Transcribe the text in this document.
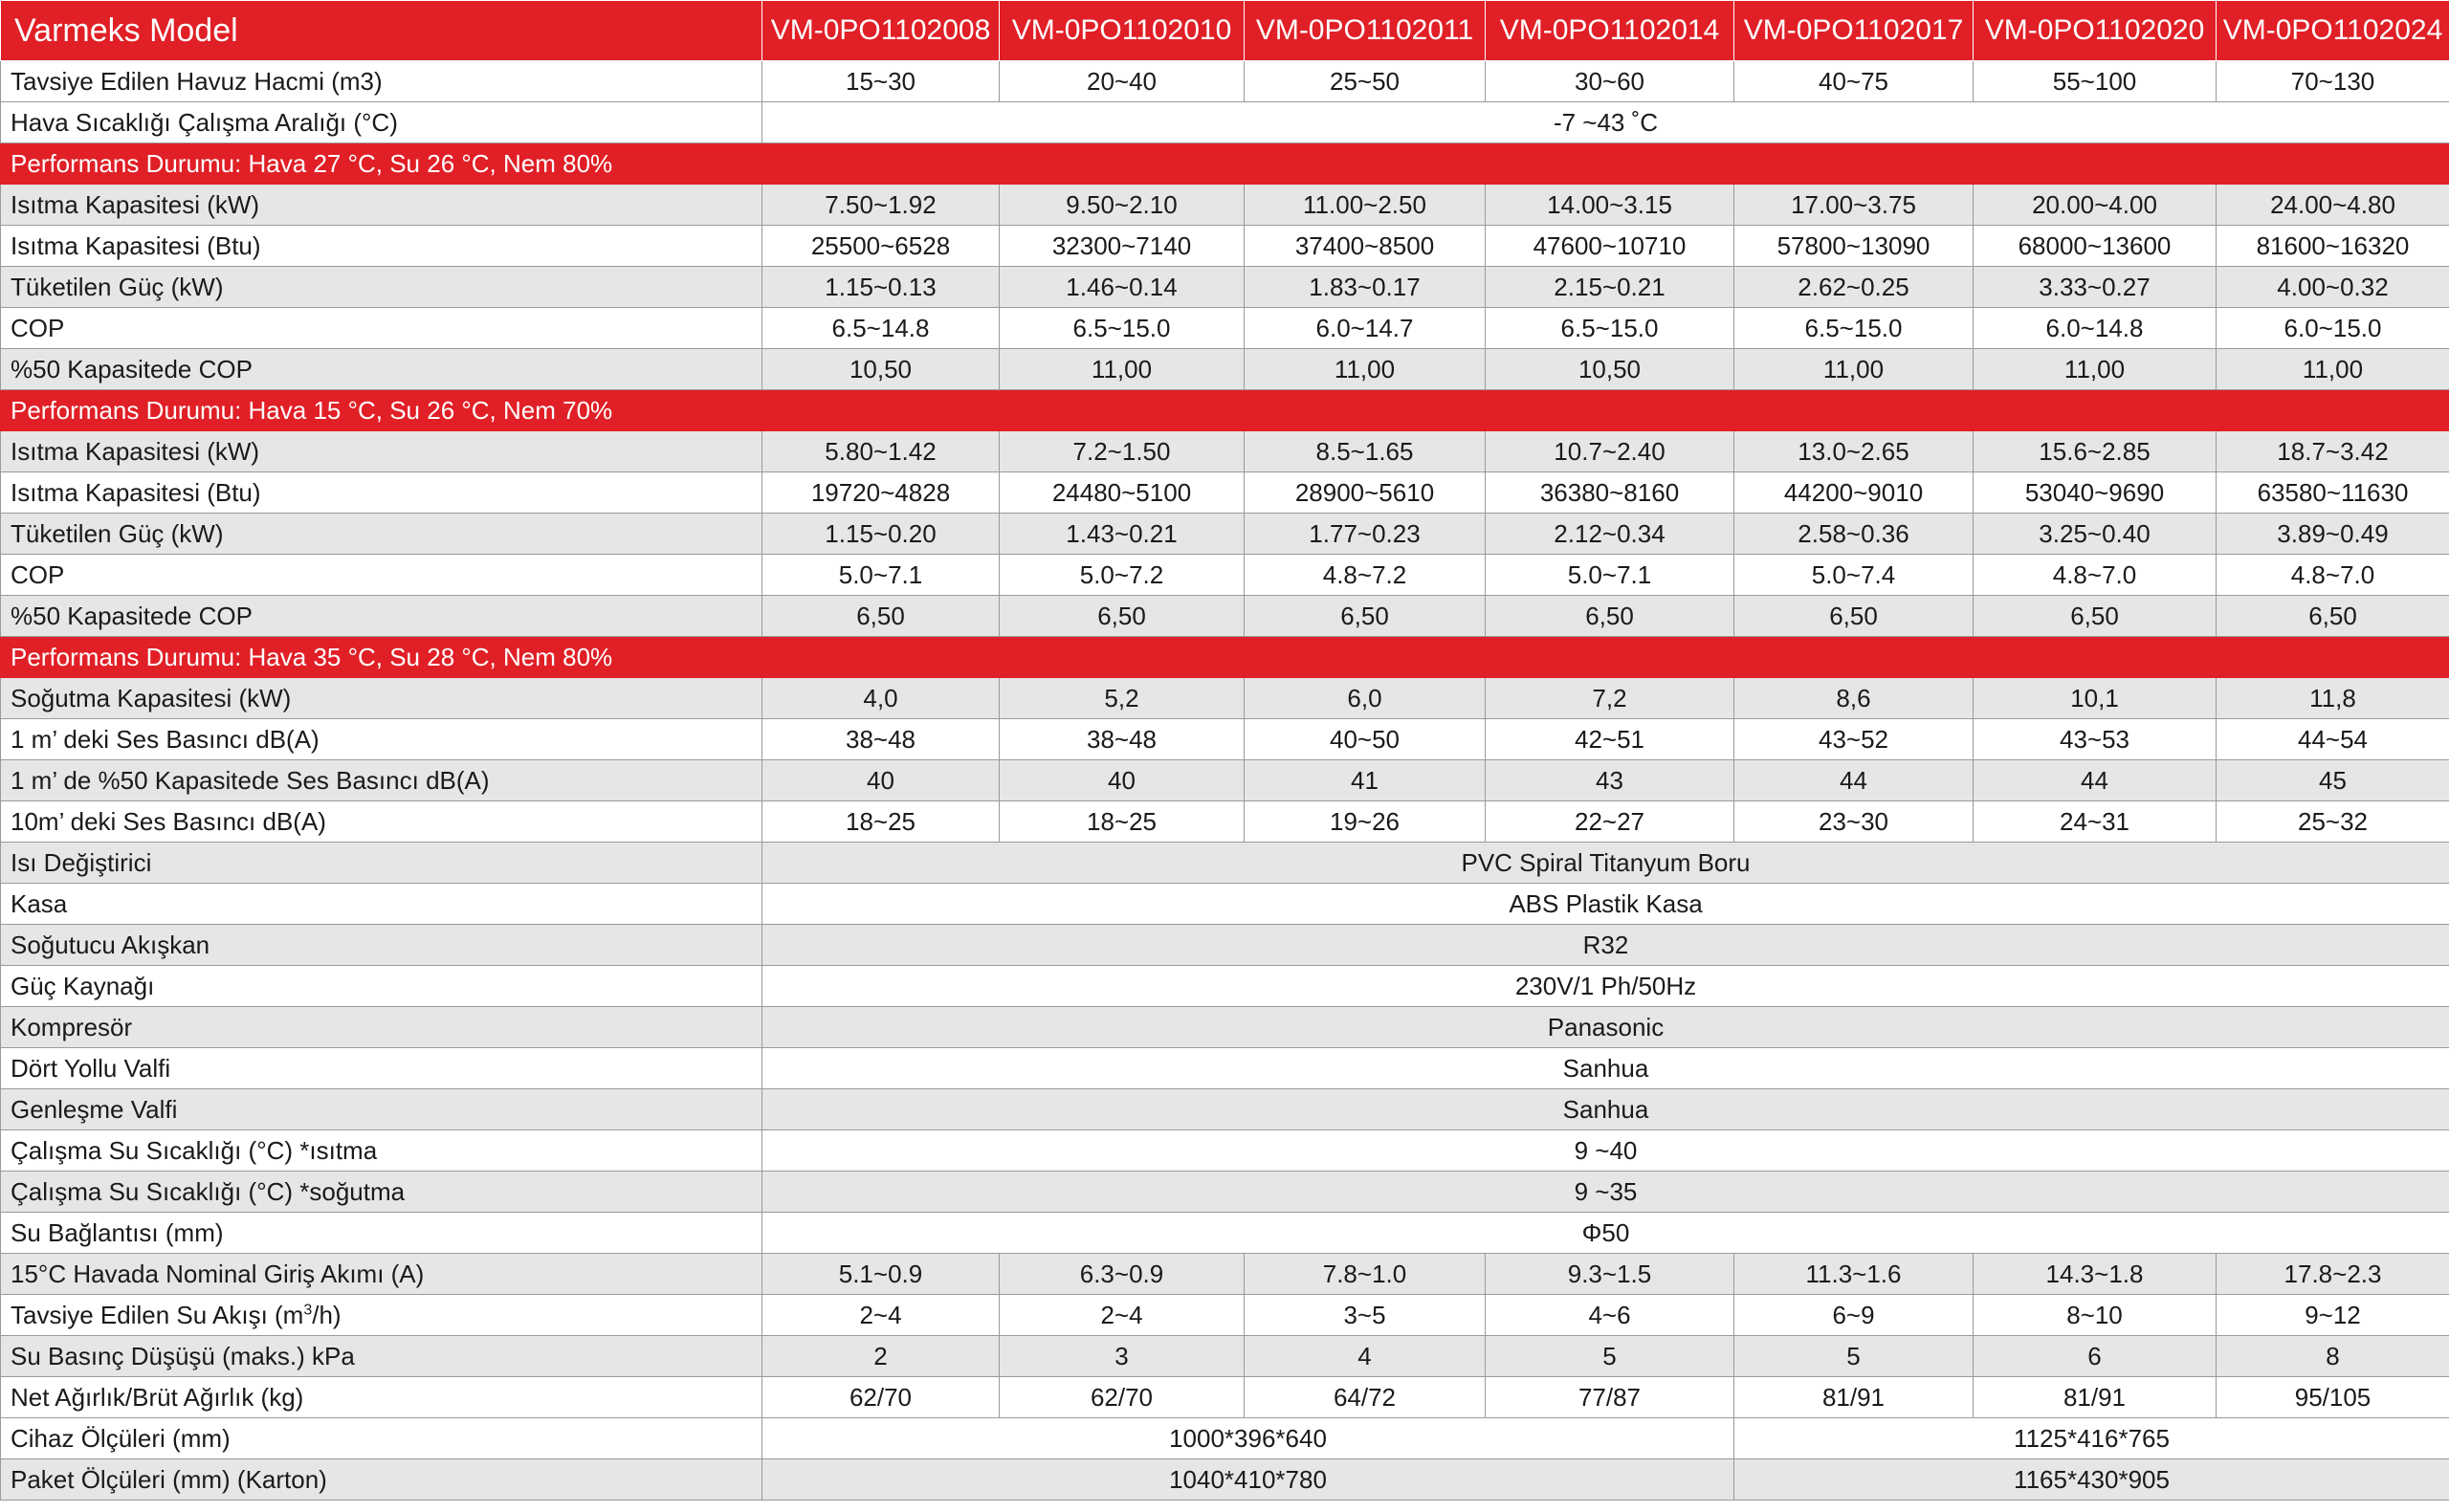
Varmeks Model	VM-0PO1102008	VM-0PO1102010	VM-0PO1102011	VM-0PO1102014	VM-0PO1102017	VM-0PO1102020	VM-0PO1102024
Tavsiye Edilen Havuz Hacmi (m3)	15~30	20~40	25~50	30~60	40~75	55~100	70~130
Hava Sıcaklığı Çalışma Aralığı (°C)	-7 ~43 ˚C						
Performans Durumu: Hava 27 °C, Su 26 °C, Nem 80%							
Isıtma Kapasitesi (kW)	7.50~1.92	9.50~2.10	11.00~2.50	14.00~3.15	17.00~3.75	20.00~4.00	24.00~4.80
Isıtma Kapasitesi (Btu)	25500~6528	32300~7140	37400~8500	47600~10710	57800~13090	68000~13600	81600~16320
Tüketilen Güç (kW)	1.15~0.13	1.46~0.14	1.83~0.17	2.15~0.21	2.62~0.25	3.33~0.27	4.00~0.32
COP	6.5~14.8	6.5~15.0	6.0~14.7	6.5~15.0	6.5~15.0	6.0~14.8	6.0~15.0
%50 Kapasitede COP	10,50	11,00	11,00	10,50	11,00	11,00	11,00
Performans Durumu: Hava 15 °C, Su 26 °C, Nem 70%							
Isıtma Kapasitesi (kW)	5.80~1.42	7.2~1.50	8.5~1.65	10.7~2.40	13.0~2.65	15.6~2.85	18.7~3.42
Isıtma Kapasitesi (Btu)	19720~4828	24480~5100	28900~5610	36380~8160	44200~9010	53040~9690	63580~11630
Tüketilen Güç (kW)	1.15~0.20	1.43~0.21	1.77~0.23	2.12~0.34	2.58~0.36	3.25~0.40	3.89~0.49
COP	5.0~7.1	5.0~7.2	4.8~7.2	5.0~7.1	5.0~7.4	4.8~7.0	4.8~7.0
%50 Kapasitede COP	6,50	6,50	6,50	6,50	6,50	6,50	6,50
Performans Durumu: Hava 35 °C, Su 28 °C, Nem 80%							
Soğutma Kapasitesi (kW)	4,0	5,2	6,0	7,2	8,6	10,1	11,8
1 m’ deki Ses Basıncı dB(A)	38~48	38~48	40~50	42~51	43~52	43~53	44~54
1 m’ de %50 Kapasitede Ses Basıncı dB(A)	40	40	41	43	44	44	45
10m’ deki Ses Basıncı dB(A)	18~25	18~25	19~26	22~27	23~30	24~31	25~32
Isı Değiştirici	PVC Spiral Titanyum Boru						
Kasa	ABS Plastik Kasa						
Soğutucu Akışkan	R32						
Güç Kaynağı	230V/1 Ph/50Hz						
Kompresör	Panasonic						
Dört Yollu Valfi	Sanhua						
Genleşme Valfi	Sanhua						
Çalışma Su Sıcaklığı (°C) *ısıtma	9 ~40						
Çalışma Su Sıcaklığı (°C) *soğutma	9 ~35						
Su Bağlantısı (mm)	Φ50						
15°C Havada Nominal Giriş Akımı (A)	5.1~0.9	6.3~0.9	7.8~1.0	9.3~1.5	11.3~1.6	14.3~1.8	17.8~2.3
Tavsiye Edilen Su Akışı $(m^3/h)$	2~4	2~4	3~5	4~6	6~9	8~10	9~12
Su Basınç Düşüşü (maks.) kPa	2	3	4	5	5	6	8
Net Ağırlık/Brüt Ağırlık (kg)	62/70	62/70	64/72	77/87	81/91	81/91	95/105
Cihaz Ölçüleri (mm)	1000*396*640				1125*416*765		
Paket Ölçüleri (mm) (Karton)	1040*410*780				1165*430*905		
